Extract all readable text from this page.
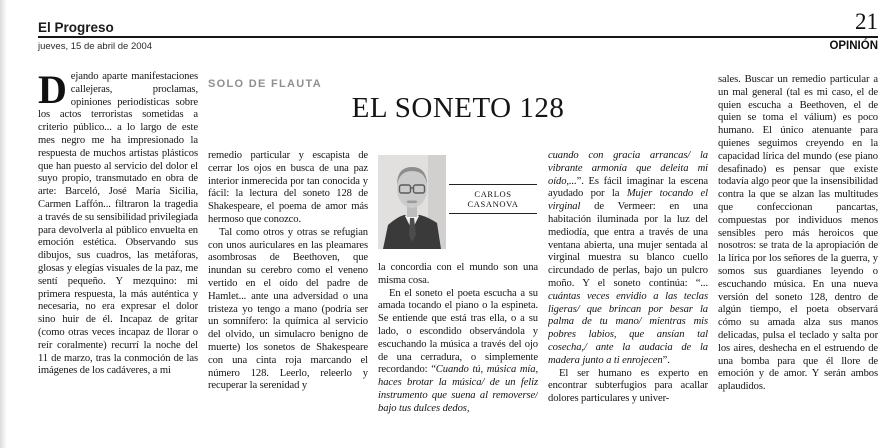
El Progreso	21
jueves, 15 de abril de 2004	OPINIÓN
SOLO DE FLAUTA
EL SONETO 128
CARLOS CASANOVA

Dejando aparte manifestaciones callejeras, proclamas, opiniones periodísticas sobre los actos terroristas sometidas a criterio público... a lo largo de este mes negro me ha impresionado la respuesta de muchos artistas plásticos que han puesto al servicio del dolor el suyo propio, transmutado en obra de arte: Barceló, José María Sicilia, Carmen Laffón... filtraron la tragedia a través de su sensibilidad privilegiada para devolverla al público envuelta en emoción estética. Observando sus dibujos, sus cuadros, las metáforas, glosas y elegías visuales de la paz, me sentí pequeño. Y mezquino: mi primera respuesta, la más auténtica y necesaria, no era expresar el dolor sino huir de él. Incapaz de gritar (como otras veces incapaz de llorar o reír coralmente) recurrí la noche del 11 de marzo, tras la conmoción de las imágenes de los cadáveres, a mi

remedio particular y escapista de cerrar los ojos en busca de una paz interior inmerecida por tan conocida y fácil: la lectura del soneto 128 de Shakespeare, el poema de amor más hermoso que conozco.

Tal como otros y otras se refugian con unos auriculares en las pleamares asombrosas de Beethoven, que inundan su cerebro como el veneno vertido en el oído del padre de Hamlet... ante una adversidad o una tristeza yo tengo a mano (podría ser un somnífero: la química al servicio del olvido, un simulacro benigno de muerte) los sonetos de Shakespeare con una cinta roja marcando el número 128. Leerlo, releerlo y recuperar la serenidad y

la concordia con el mundo son una misma cosa.

En el soneto el poeta escucha a su amada tocando el piano o la espineta. Se entiende que está tras ella, o a su lado, o escondido observándola y escuchando la música a través del ojo de una cerradura, o simplemente recordando: “Cuando tú, música mía, haces brotar la música/ de un feliz instrumento que suena al removerse/ bajo tus dulces dedos,

cuando con gracia arrancas/ la vibrante armonía que deleita mi oído,...”. Es fácil imaginar la escena ayudado por la Mujer tocando el virginal de Vermeer: en una habitación iluminada por la luz del mediodía, que entra a través de una ventana abierta, una mujer sentada al virginal muestra su blanco cuello circundado de perlas, bajo un pulcro moño. Y el soneto continúa: “... cuántas veces envidio a las teclas ligeras/ que brincan por besar la palma de tu mano/ mientras mis pobres labios, que ansían tal cosecha,/ ante la audacia de la madera junto a ti enrojecen”.

El ser humano es experto en encontrar subterfugios para acallar dolores particulares y univer-

sales. Buscar un remedio particular a un mal general (tal es mi caso, el de quien escucha a Beethoven, el de quien se toma el válium) es poco humano. El único atenuante para quienes seguimos creyendo en la capacidad lírica del mundo (ese piano desafinado) es pensar que existe todavía algo peor que la insensibilidad contra la que se alzan las multitudes que confeccionan pancartas, compuestas por individuos menos sensibles pero más heroicos que nosotros: se trata de la apropiación de la lírica por los señores de la guerra, y somos sus guardianes leyendo o escuchando música. En una nueva versión del soneto 128, dentro de algún tiempo, el poeta observará cómo su amada alza sus manos delicadas, pulsa el teclado y salta por los aires, deshecha en el estruendo de una bomba para que él llore de emoción y de amor. Y serán ambos aplaudidos.
